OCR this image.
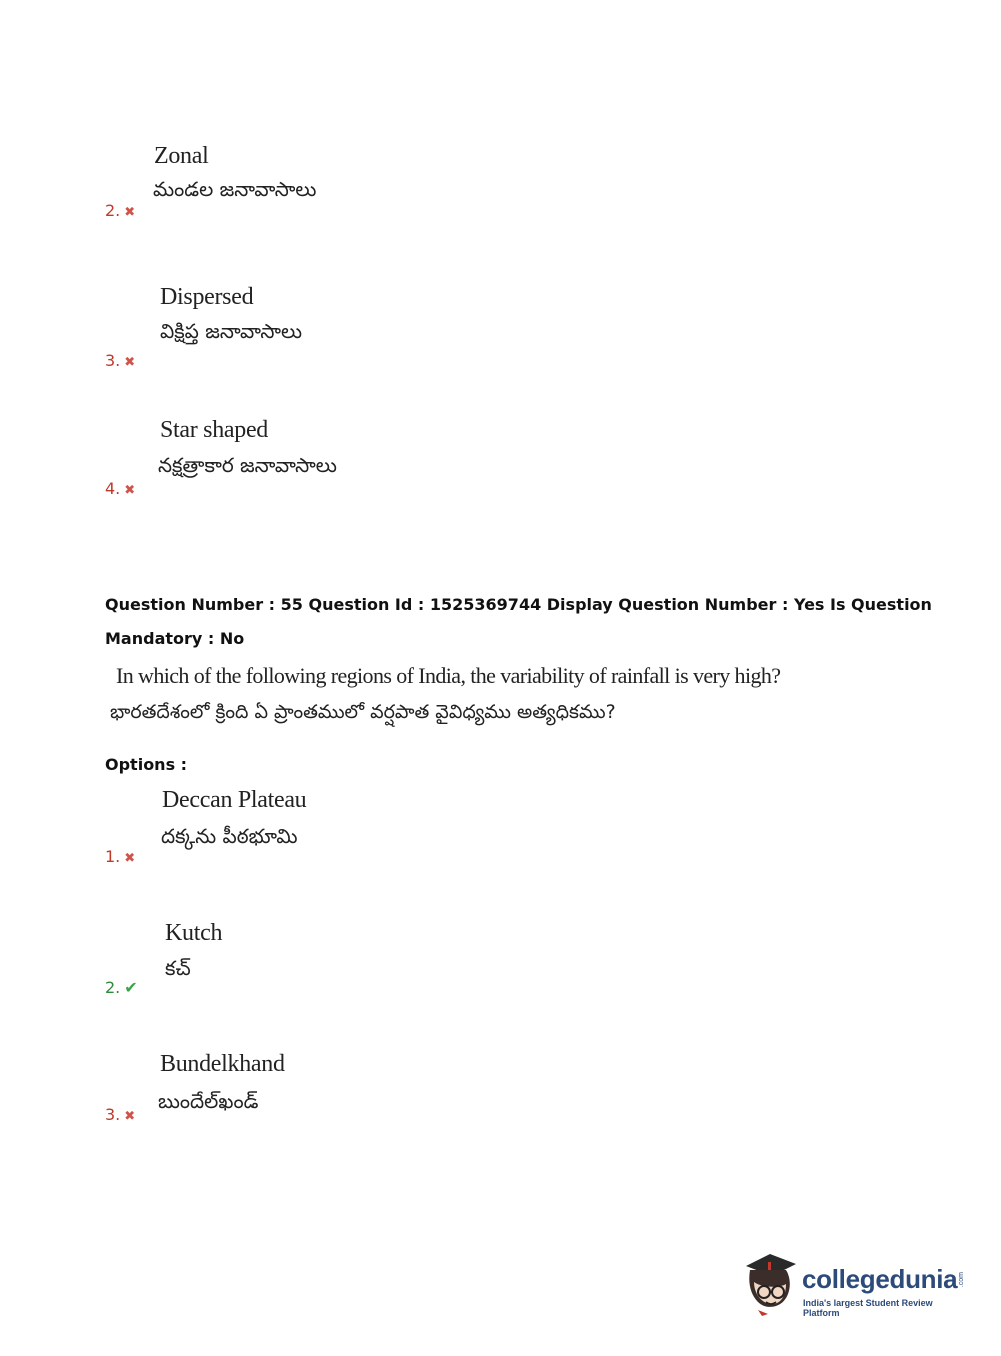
Zonal
మండల జనావాసాలు
2. ✖
Dispersed
విక్షిప్త జనావాసాలు
3. ✖
Star shaped
నక్షత్రాకార జనావాసాలు
4. ✖
Question Number : 55 Question Id : 1525369744 Display Question Number : Yes Is Question
Mandatory : No
In which of the following regions of India, the variability of rainfall is very high?
భారతదేశంలో క్రింది ఏ ప్రాంతములో వర్షపాత వైవిధ్యము అత్యధికము?
Options :
Deccan Plateau
దక్కను పీఠభూమి
1. ✖
Kutch
కచ్
2. ✔
Bundelkhand
బుందేల్‌ఖండ్
3. ✖
collegedunia .com
India's largest Student Review Platform
